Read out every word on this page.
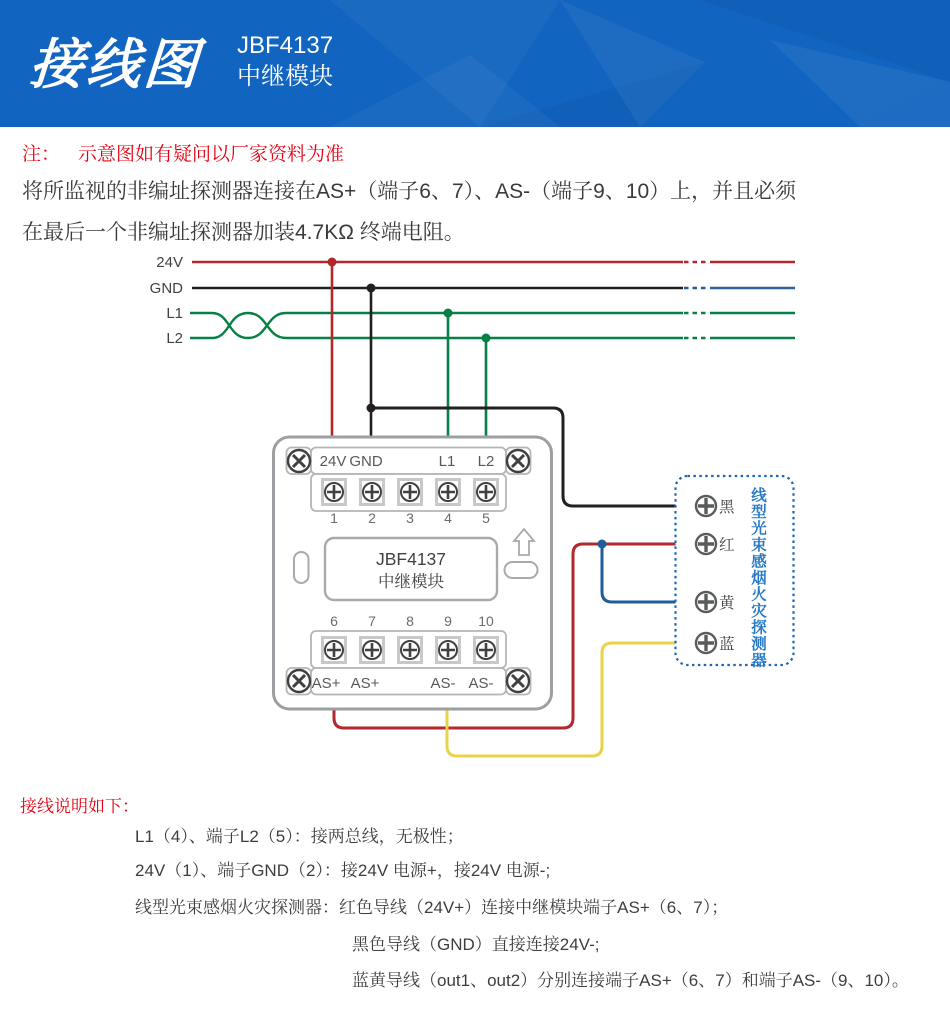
接线图 JBF4137
中继模块
注： 示意图如有疑问以厂家资料为准
将所监视的非编址探测器连接在AS+（端子6、7）、AS-（端子9、10）上，并且必须
在最后一个非编址探测器加装4.7KΩ 终端电阻。
24V
GND
L1
L2
24V GND	L1 L2
1 2 3 4 5
JBF4137
中继模块
6 7 8 9 10
AS+ AS+	AS- AS-
黑
红
黄
蓝 线型光束感烟火灾探测器
接线说明如下：
L1（4）、端子L2（5）：接两总线，无极性；
24V（1）、端子GND（2）：接24V 电源+，接24V 电源-;
线型光束感烟火灾探测器：红色导线（24V+）连接中继模块端子AS+（6、7）；
黑色导线（GND）直接连接24V-;
蓝黄导线（out1、out2）分别连接端子AS+（6、7）和端子AS-（9、10）。
